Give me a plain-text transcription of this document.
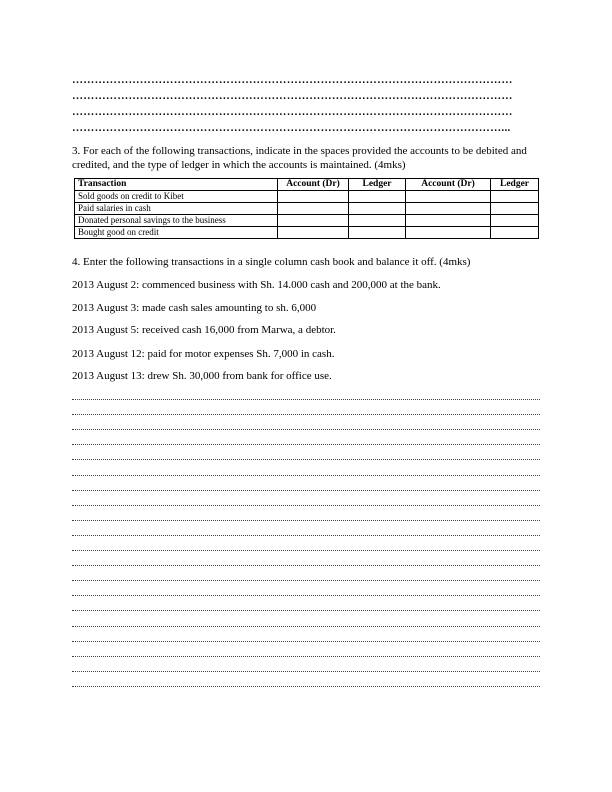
………………………………………………………………………………………………………
………………………………………………………………………………………………………
………………………………………………………………………………………………………
……………………………………………………………………………………………………...
3. For each of the following transactions, indicate in the spaces provided the accounts to be debited and credited, and the type of ledger in which the accounts is maintained. (4mks)
Transaction	Account (Dr)	Ledger	Account (Dr)	Ledger
Sold goods on credit to Kibet				
Paid salaries in cash				
Donated personal savings to the business				
Bought good on credit				
4. Enter the following transactions in a single column cash book and balance it off. (4mks)
2013 August 2: commenced business with Sh. 14.000 cash and 200,000 at the bank.
2013 August 3: made cash sales amounting to sh. 6,000
2013 August 5: received cash 16,000 from Marwa, a debtor.
2013 August 12: paid for motor expenses Sh. 7,000 in cash.
2013 August 13: drew Sh. 30,000 from bank for office use.
